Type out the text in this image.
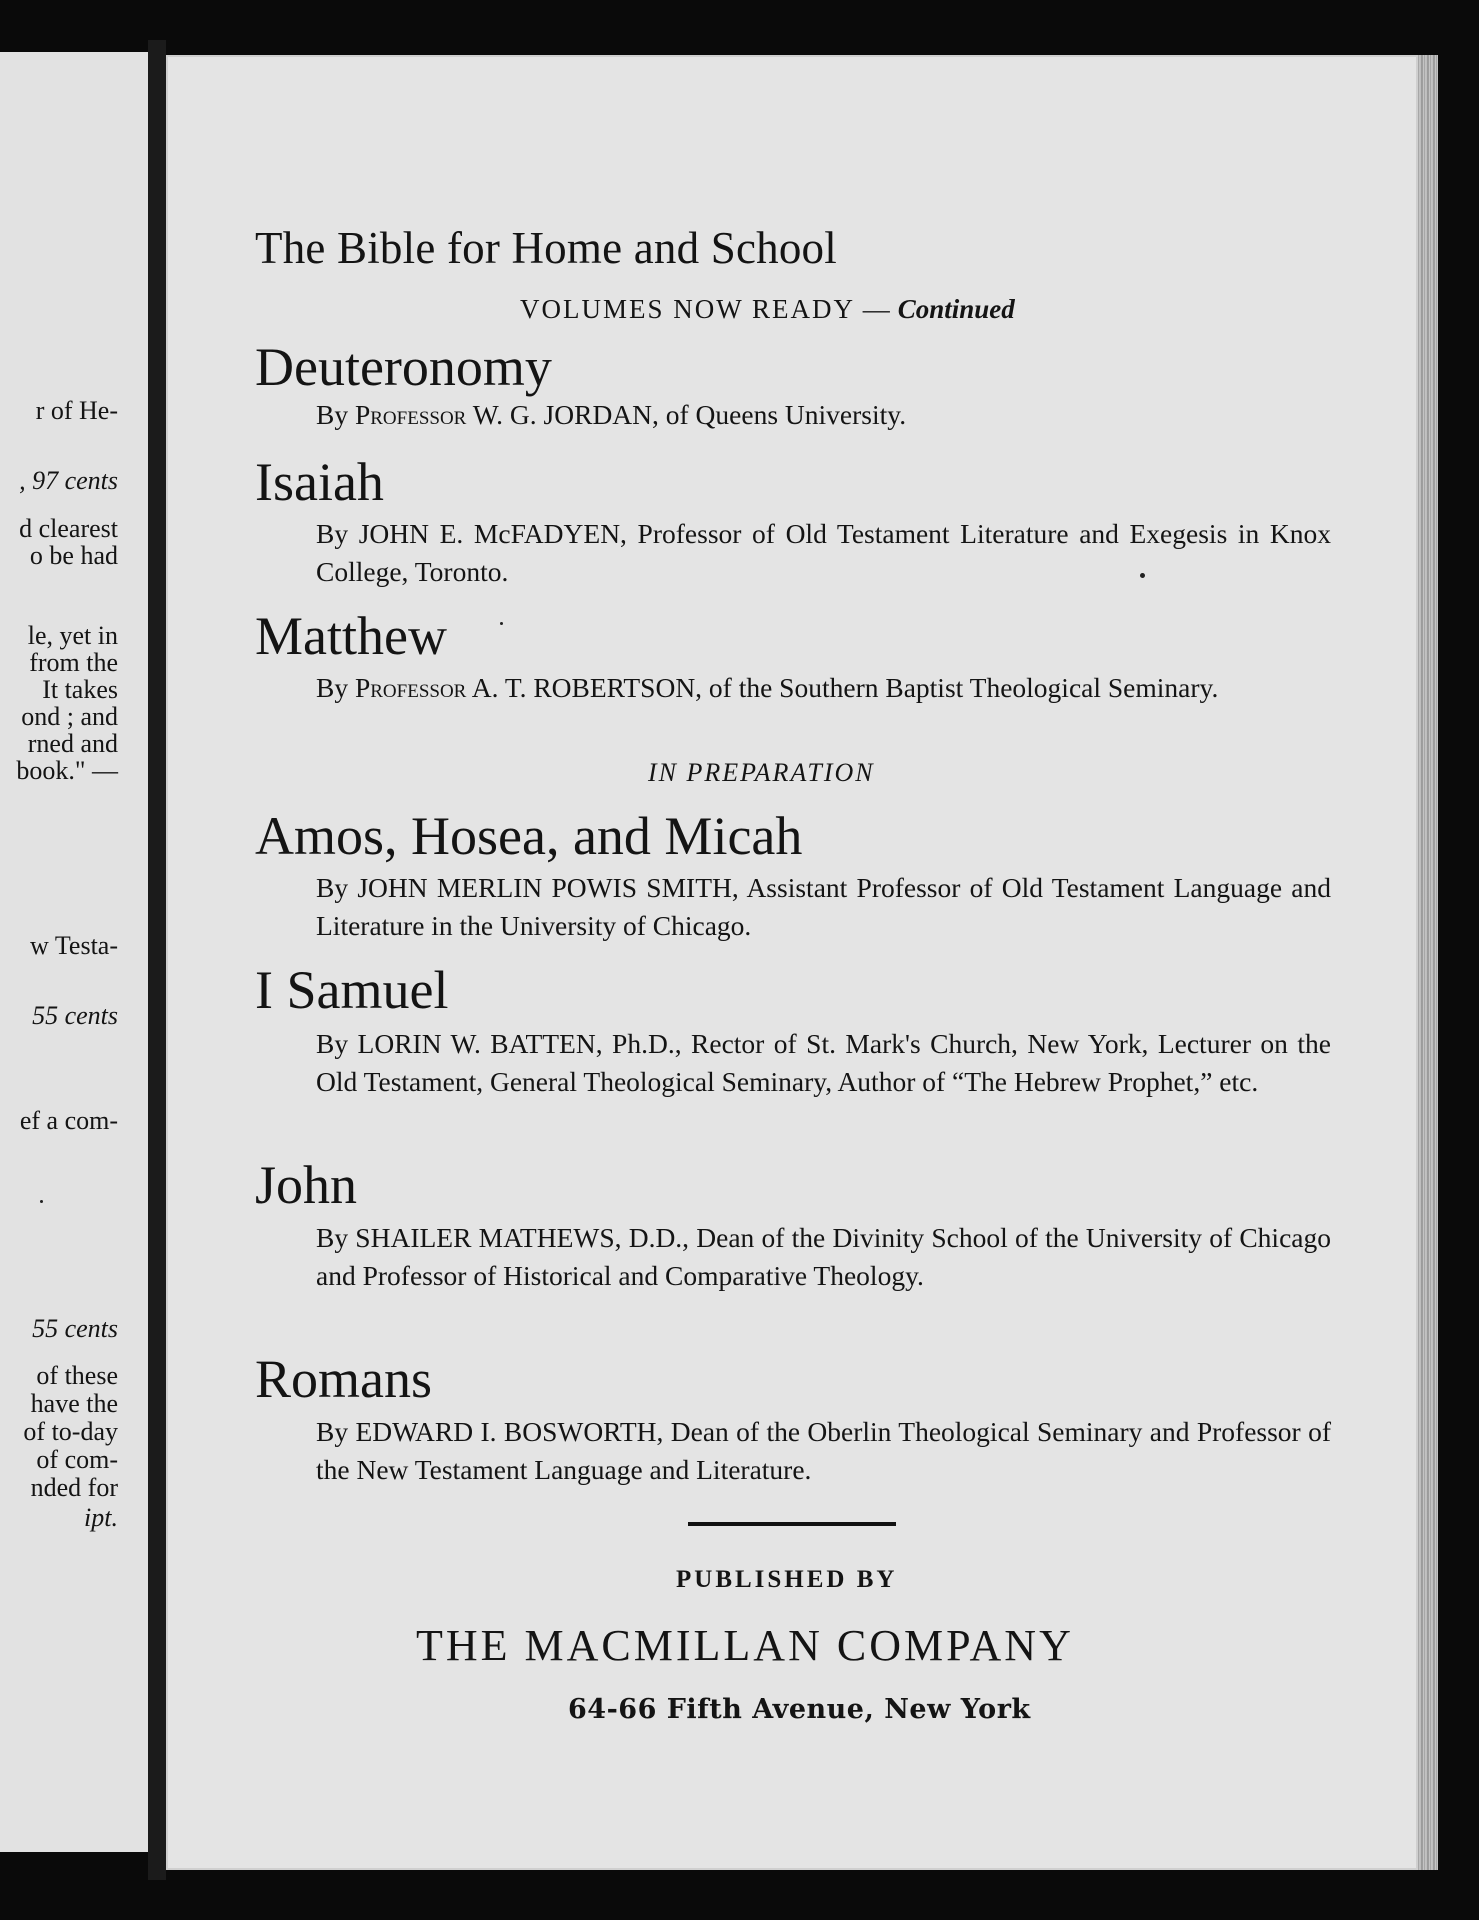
r of He-
, 97 cents
d clearest
o be had
le, yet in
from the
It takes
ond ; and
rned and
book." —
w Testa-
55 cents
ef a com-
55 cents
of these
have the
of to-day
of com-
nded for
ipt.
The Bible for Home and School
VOLUMES NOW READY — Continued
Deuteronomy
By Professor W. G. JORDAN, of Queens University.
Isaiah
By JOHN E. McFADYEN, Professor of Old Testament Literature and Exegesis in Knox College, Toronto.
Matthew
By Professor A. T. ROBERTSON, of the Southern Baptist Theological Seminary.
IN PREPARATION
Amos, Hosea, and Micah
By JOHN MERLIN POWIS SMITH, Assistant Professor of Old Testament Language and Literature in the University of Chicago.
I Samuel
By LORIN W. BATTEN, Ph.D., Rector of St. Mark's Church, New York, Lecturer on the Old Testament, General Theological Seminary, Author of “The Hebrew Prophet,” etc.
John
By SHAILER MATHEWS, D.D., Dean of the Divinity School of the University of Chicago and Professor of Historical and Comparative Theology.
Romans
By EDWARD I. BOSWORTH, Dean of the Oberlin Theological Seminary and Professor of the New Testament Language and Literature.
PUBLISHED BY
THE MACMILLAN COMPANY
64-66 Fifth Avenue, New York
